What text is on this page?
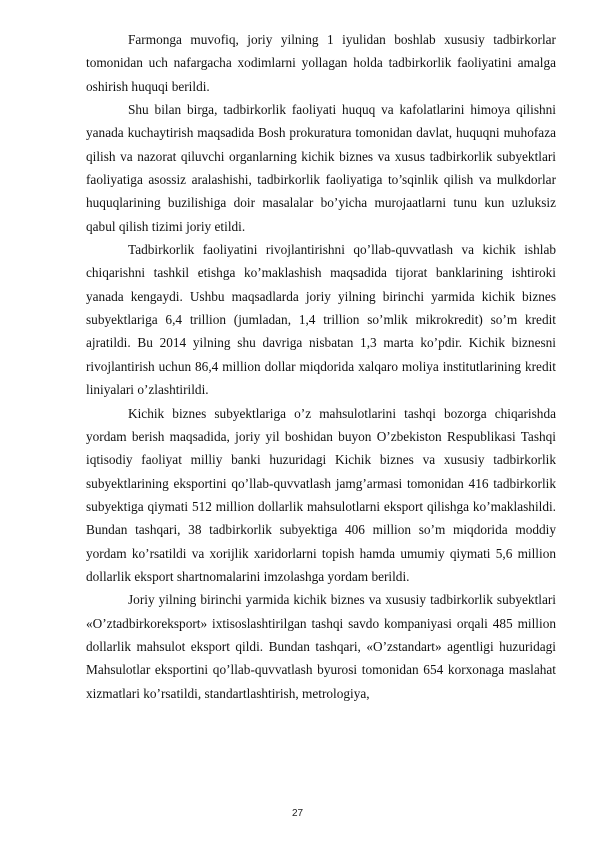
Farmonga muvofiq, joriy yilning 1 iyulidan boshlab xususiy tadbirkorlar tomonidan uch nafargacha xodimlarni yollagan holda tadbirkorlik faoliyatini amalga oshirish huquqi berildi.

Shu bilan birga, tadbirkorlik faoliyati huquq va kafolatlarini himoya qilishni yanada kuchaytirish maqsadida Bosh prokuratura tomonidan davlat, huquqni muhofaza qilish va nazorat qiluvchi organlarning kichik biznes va xusus tadbirkorlik subyektlari faoliyatiga asossiz aralashishi, tadbirkorlik faoliyatiga to’sqinlik qilish va mulkdorlar huquqlarining buzilishiga doir masalalar bo’yicha murojaatlarni tunu kun uzluksiz qabul qilish tizimi joriy etildi.

Tadbirkorlik faoliyatini rivojlantirishni qo’llab-quvvatlash va kichik ishlab chiqarishni tashkil etishga ko’maklashish maqsadida tijorat banklarining ishtiroki yanada kengaydi. Ushbu maqsadlarda joriy yilning birinchi yarmida kichik biznes subyektlariga 6,4 trillion (jumladan, 1,4 trillion so’mlik mikrokredit) so’m kredit ajratildi. Bu 2014 yilning shu davriga nisbatan 1,3 marta ko’pdir. Kichik biznesni rivojlantirish uchun 86,4 million dollar miqdorida xalqaro moliya institutlarining kredit liniyalari o’zlashtirildi.

Kichik biznes subyektlariga o’z mahsulotlarini tashqi bozorga chiqarishda yordam berish maqsadida, joriy yil boshidan buyon O’zbekiston Respublikasi Tashqi iqtisodiy faoliyat milliy banki huzuridagi Kichik biznes va xususiy tadbirkorlik subyektlarining eksportini qo’llab-quvvatlash jamg’armasi tomonidan 416 tadbirkorlik subyektiga qiymati 512 million dollarlik mahsulotlarni eksport qilishga ko’maklashildi. Bundan tashqari, 38 tadbirkorlik subyektiga 406 million so’m miqdorida moddiy yordam ko’rsatildi va xorijlik xaridorlarni topish hamda umumiy qiymati 5,6 million dollarlik eksport shartnomalarini imzolashga yordam berildi.

Joriy yilning birinchi yarmida kichik biznes va xususiy tadbirkorlik subyektlari «O’ztadbirkoreksport» ixtisoslashtirilgan tashqi savdo kompaniyasi orqali 485 million dollarlik mahsulot eksport qildi. Bundan tashqari, «O’zstandart» agentligi huzuridagi Mahsulotlar eksportini qo’llab-quvvatlash byurosi tomonidan 654 korxonaga maslahat xizmatlari ko’rsatildi, standartlashtirish, metrologiya,

27
